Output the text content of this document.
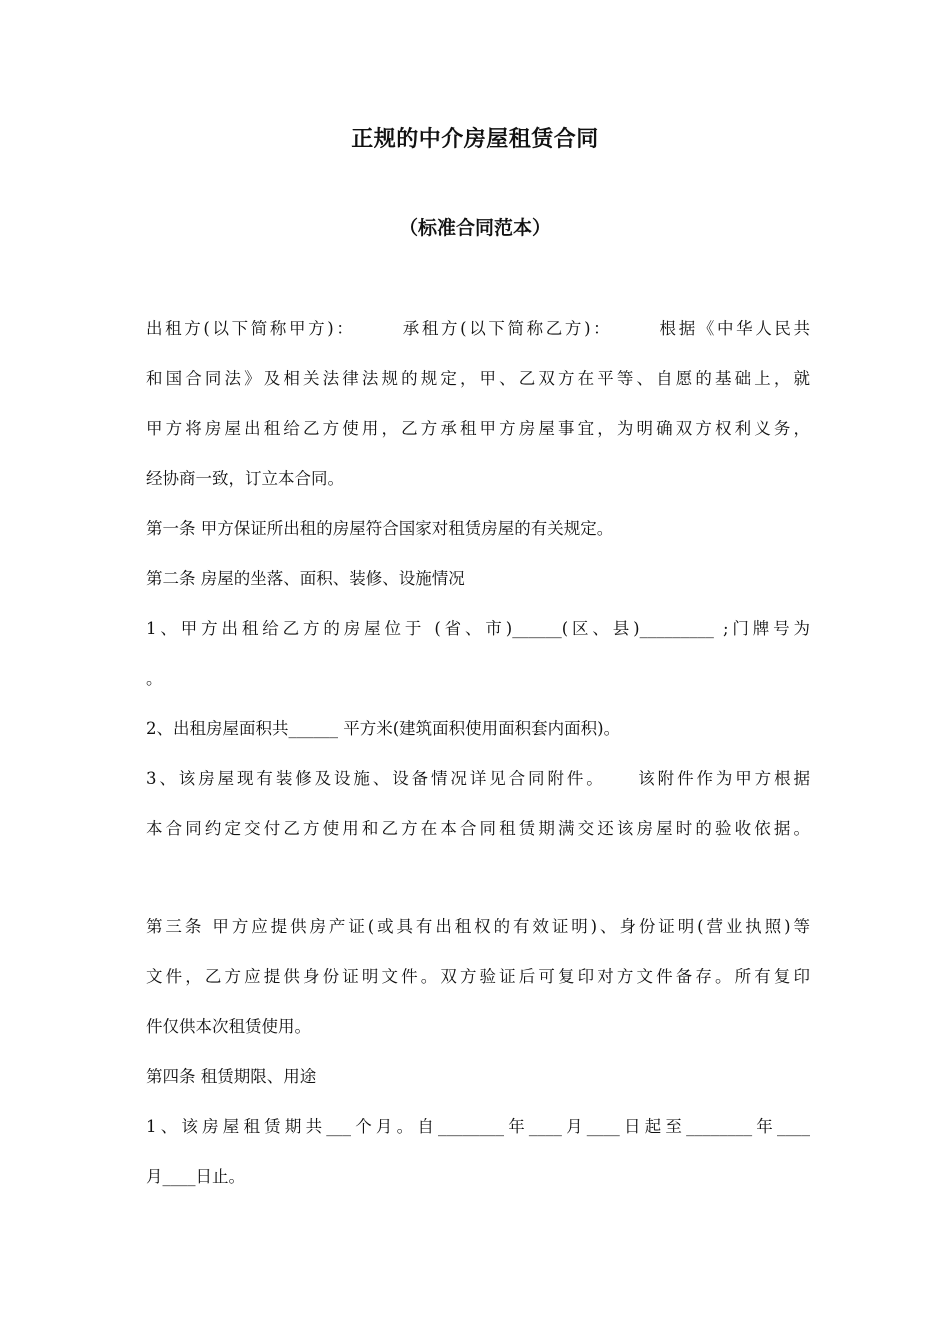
正规的中介房屋租赁合同
（标准合同范本）
出租方(以下简称甲方)：      承租方(以下简称乙方)：      根据《中华人民共
和国合同法》及相关法律法规的规定，甲、乙双方在平等、自愿的基础上，就
甲方将房屋出租给乙方使用，乙方承租甲方房屋事宜，为明确双方权利义务，
经协商一致，订立本合同。
第一条 甲方保证所出租的房屋符合国家对租赁房屋的有关规定。
第二条 房屋的坐落、面积、装修、设施情况
1、甲方出租给乙方的房屋位于 (省、市)______(区、县)_________ ;门牌号为
。
2、出租房屋面积共______ 平方米(建筑面积使用面积套内面积)。
3、该房屋现有装修及设施、设备情况详见合同附件。    该附件作为甲方根据
本合同约定交付乙方使用和乙方在本合同租赁期满交还该房屋时的验收依据。
第三条 甲方应提供房产证(或具有出租权的有效证明)、身份证明(营业执照)等
文件，乙方应提供身份证明文件。双方验证后可复印对方文件备存。所有复印
件仅供本次租赁使用。
第四条 租赁期限、用途
1、该房屋租赁期共___个月。自________年____月____日起至________年____
月____日止。
